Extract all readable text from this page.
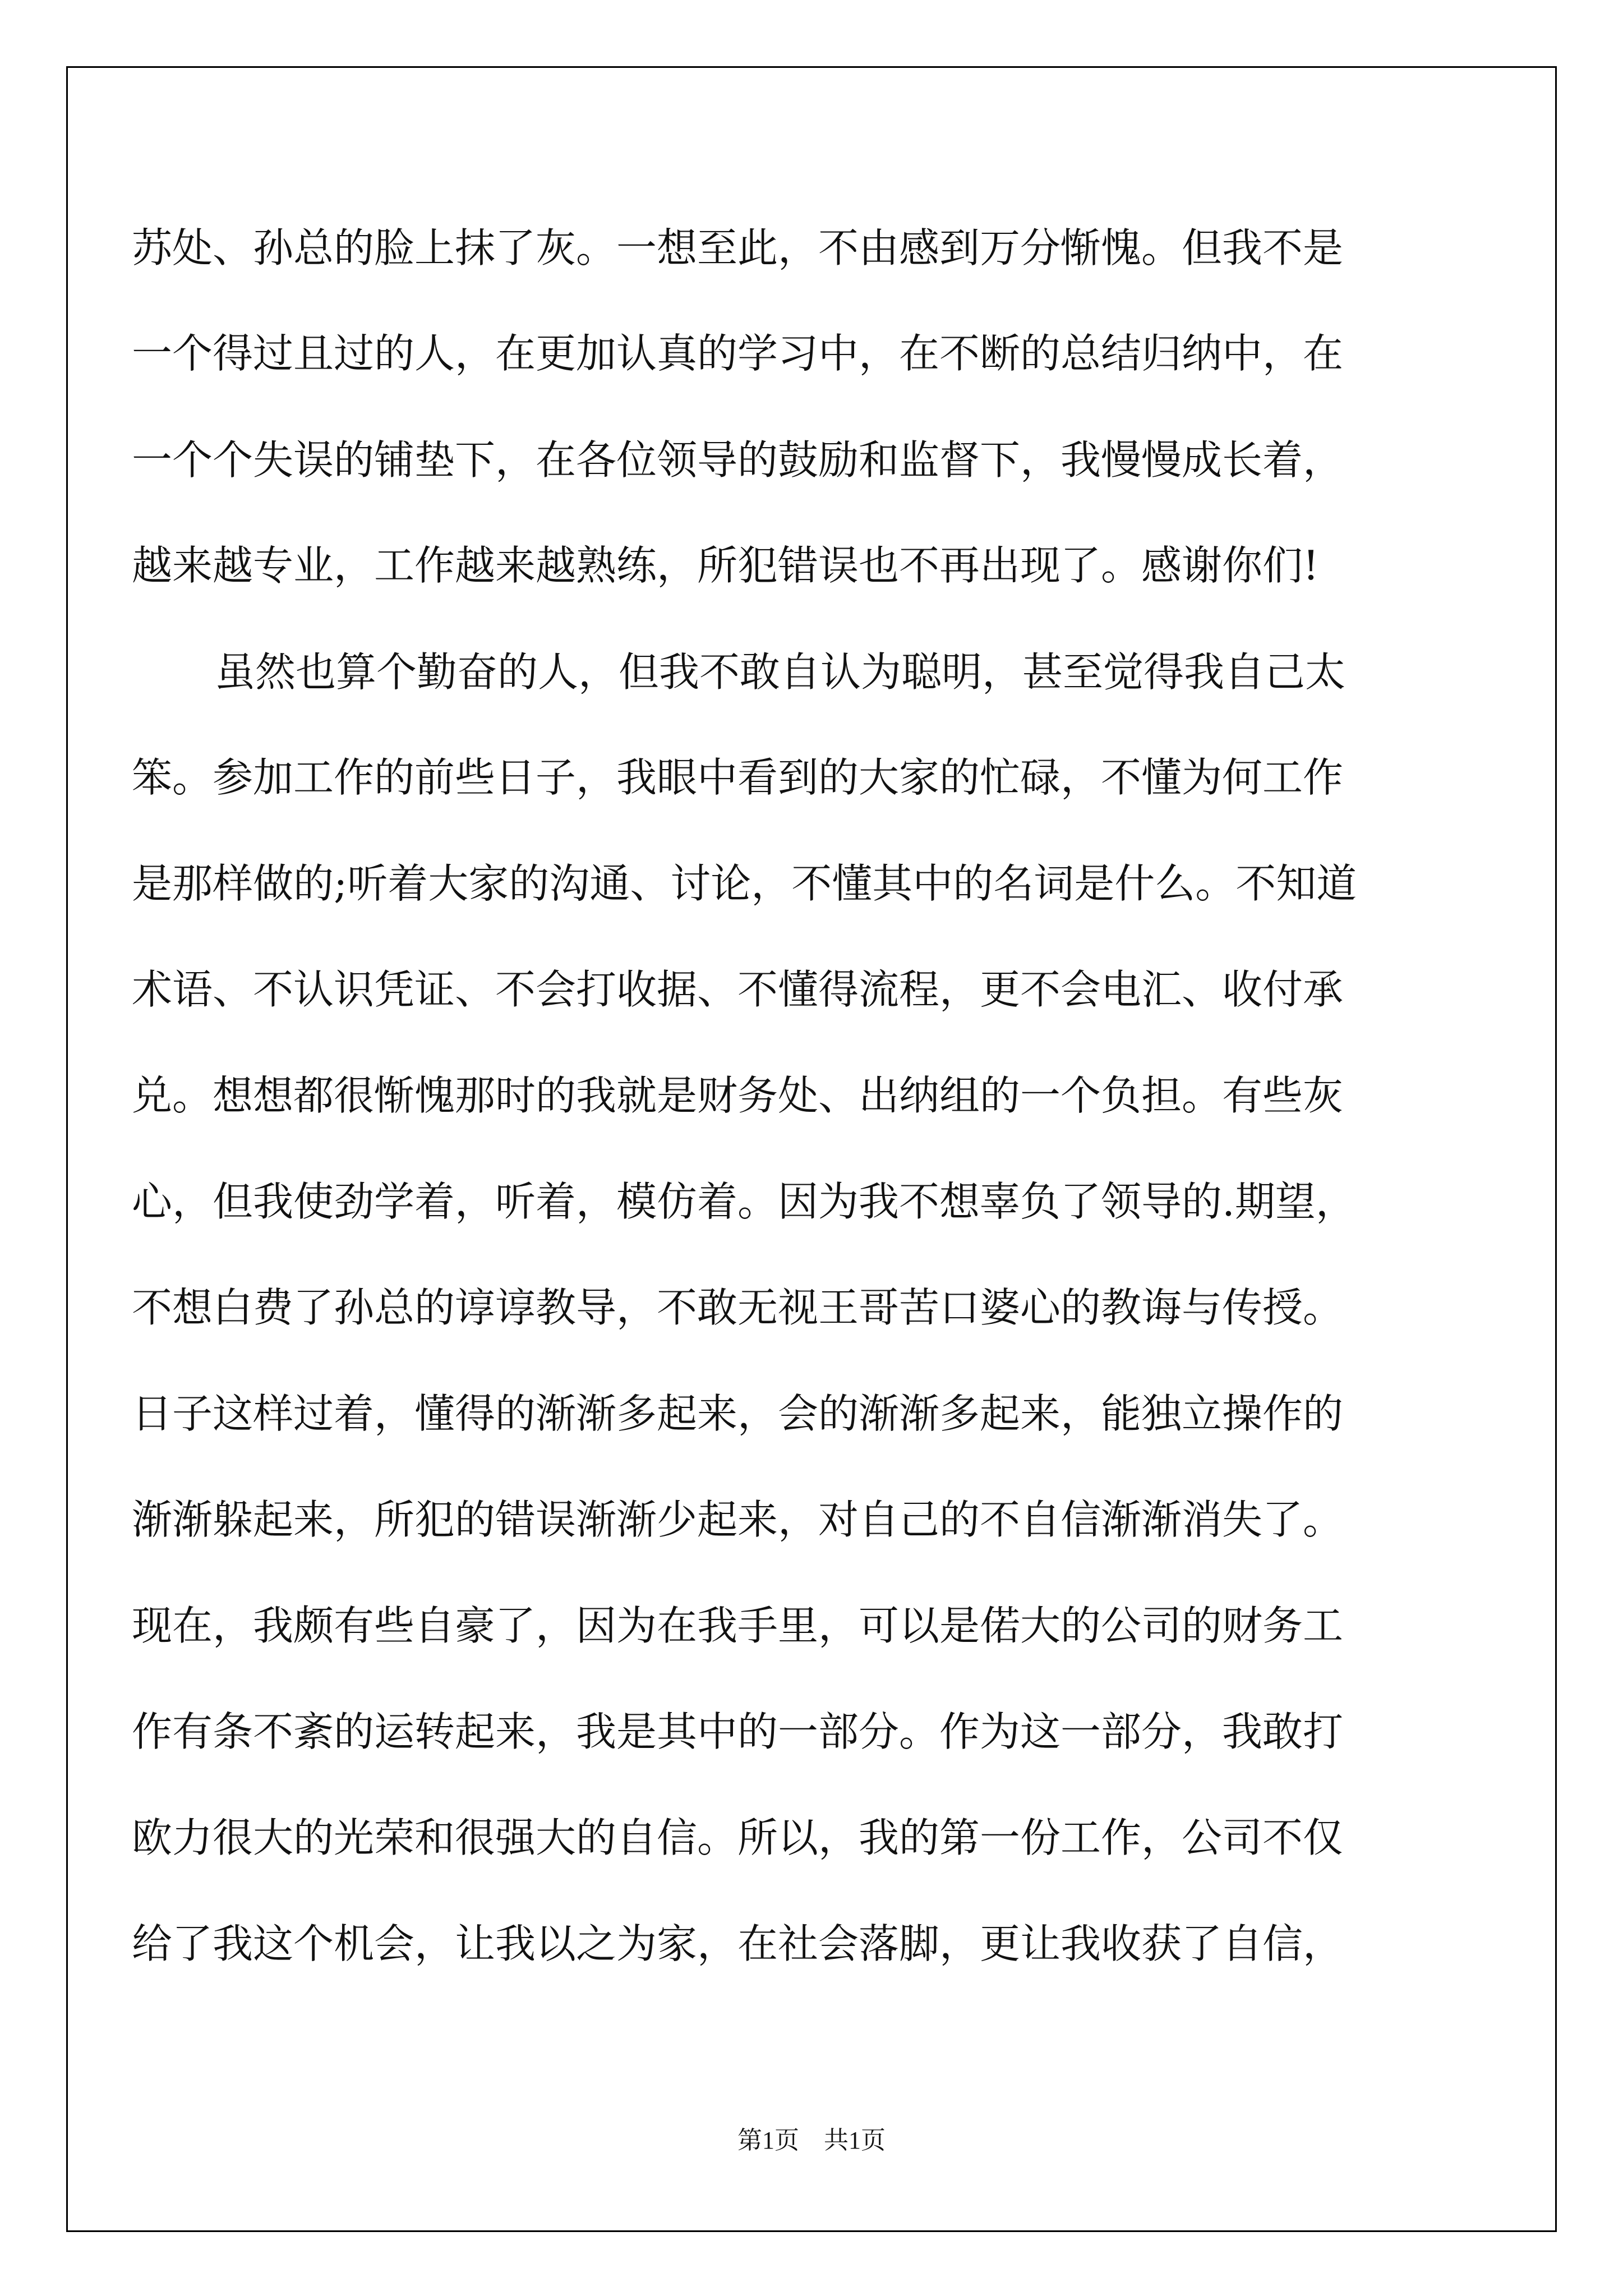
苏处、孙总的脸上抹了灰。一想至此，不由感到万分惭愧。但我不是
一个得过且过的人，在更加认真的学习中，在不断的总结归纳中，在
一个个失误的铺垫下，在各位领导的鼓励和监督下，我慢慢成长着，
越来越专业，工作越来越熟练，所犯错误也不再出现了。感谢你们!
虽然也算个勤奋的人，但我不敢自认为聪明，甚至觉得我自己太
笨。参加工作的前些日子，我眼中看到的大家的忙碌，不懂为何工作
是那样做的;听着大家的沟通、讨论，不懂其中的名词是什么。不知道
术语、不认识凭证、不会打收据、不懂得流程，更不会电汇、收付承
兑。想想都很惭愧那时的我就是财务处、出纳组的一个负担。有些灰
心，但我使劲学着，听着，模仿着。因为我不想辜负了领导的.期望，
不想白费了孙总的谆谆教导，不敢无视王哥苦口婆心的教诲与传授。
日子这样过着，懂得的渐渐多起来，会的渐渐多起来，能独立操作的
渐渐躲起来，所犯的错误渐渐少起来，对自己的不自信渐渐消失了。
现在，我颇有些自豪了，因为在我手里，可以是偌大的公司的财务工
作有条不紊的运转起来，我是其中的一部分。作为这一部分，我敢打
欧力很大的光荣和很强大的自信。所以，我的第一份工作，公司不仅
给了我这个机会，让我以之为家，在社会落脚，更让我收获了自信，
第1页 共1页
